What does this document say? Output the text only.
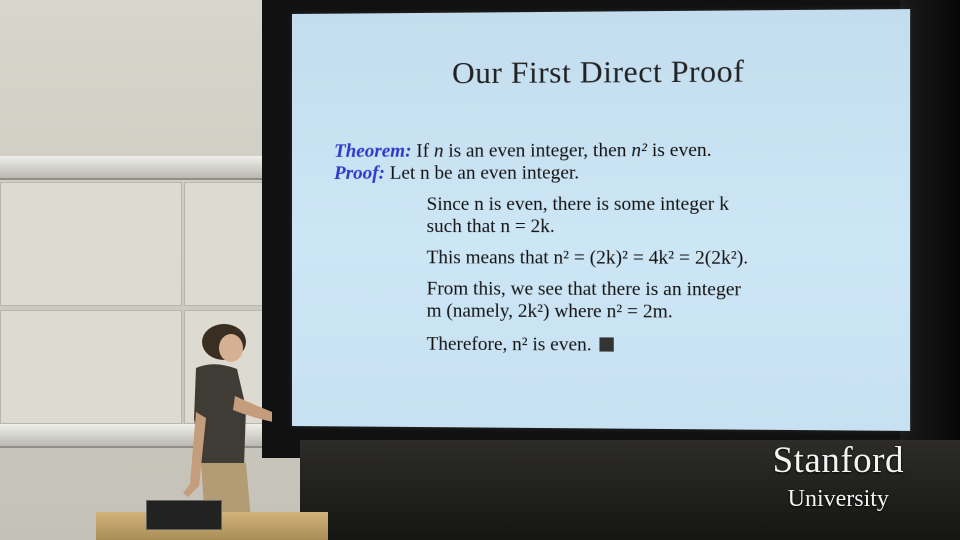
Our First Direct Proof
Theorem: If n is an even integer, then n² is even.
Proof: Let n be an even integer.
Since n is even, there is some integer k
such that n = 2k.
This means that n² = (2k)² = 4k² = 2(2k²).
From this, we see that there is an integer
m (namely, 2k²) where n² = 2m.
Therefore, n² is even.
Stanford
University
